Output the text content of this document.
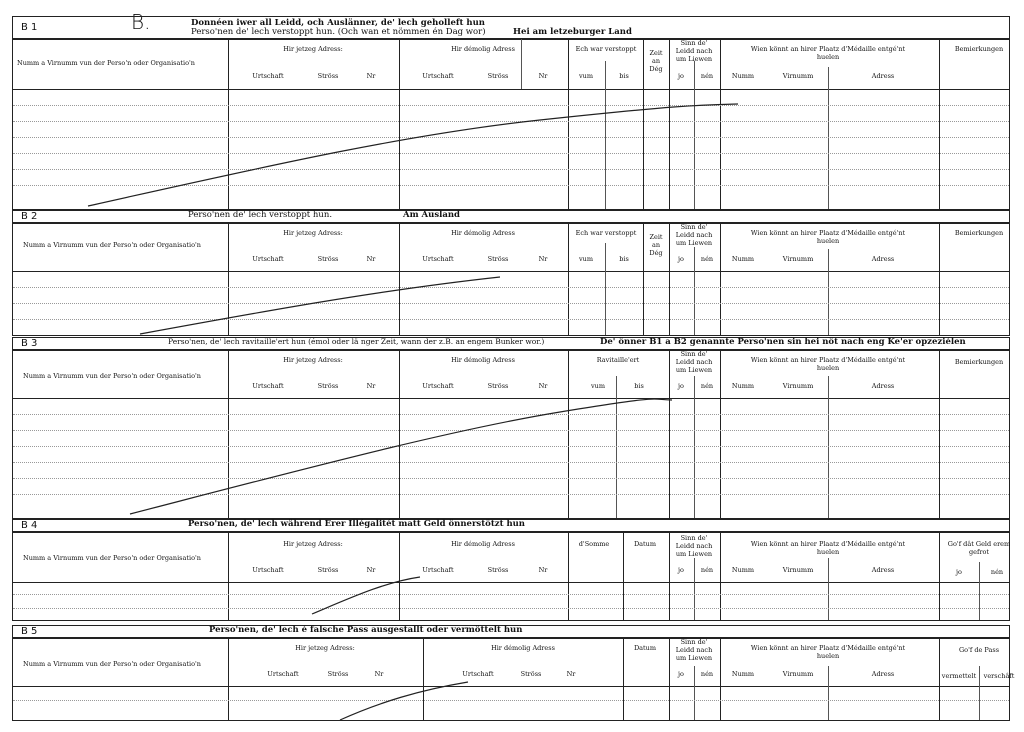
B.
B 1	Donnéen iwer all Leidd, och Auslänner, de' lech geholleft hun
Perso'nen de' lech verstoppt hun. (Och wan et nömmen én Dag wor)	Hei am letzeburger Land
Numm a Virnumm vun der Perso'n oder Organisatio'n
Hir jetzeg Adress:	Hir démolig Adress	Ech war verstoppt	Zeit an Dég
Sinn de' Leidd nach um Liewen
Wien könnt an hirer Plaatz d'Médaille entgé'nt huelen
Bemierkungen
Urtschaft	Ströss	Nr	Urtschaft	Ströss	Nr	vum	bis	jo	nén	Numm	Virnumm	Adress
B 2	Perso'nen de' lech verstoppt hun.	Am Ausland
Numm a Virnumm vun der Perso'n oder Organisatio'n
Hir jetzeg Adress:	Hir démolig Adress	Ech war verstoppt	Zeit an Dég
Sinn de' Leidd nach um Liewen
Wien könnt an hirer Plaatz d'Médaille entgé'nt huelen
Bemierkungen
Urtschaft	Ströss	Nr	Urtschaft	Ströss	Nr	vum	bis	jo	nén	Numm	Virnumm	Adress
B 3	Perso'nen, de' lech ravitaille'ert hun (émol oder lä nger Zeit, wann der z.B. an engem Bunker wor.)	De' önner B1 a B2 genannte Perso'nen sin hei nöt nach eng Ke'er opzeziélen
Numm a Virnumm vun der Perso'n oder Organisatio'n
Hir jetzeg Adress:	Hir démolig Adress	Ravitaille'ert
Sinn de' Leidd nach um Liewen
Wien könnt an hirer Plaatz d'Médaille entgé'nt huelen
Bemierkungen
Urtschaft	Ströss	Nr	Urtschaft	Ströss	Nr	vum	bis	jo	nén	Numm	Virnumm	Adress
B 4	Perso'nen, de' lech während Erer Illégalitét matt Geld önnerstötzt hun
Numm a Virnumm vun der Perso'n oder Organisatio'n
Hir jetzeg Adress:	Hir démolig Adress	d'Somme	Datum
Sinn de' Leidd nach um Liewen
Wien könnt an hirer Plaatz d'Médaille entgé'nt huelen
Go'f dât Geld erem gefrot
Urtschaft	Ströss	Nr	Urtschaft	Ströss	Nr	jo	nén	Numm	Virnumm	Adress	jo	nén
B 5	Perso'nen, de' lech é falsche Pass ausgestallt oder vermöttelt hun
Numm a Virnumm vun der Perso'n oder Organisatio'n
Hir jetzeg Adress:	Hir démolig Adress	Datum
Sinn de' Leidd nach um Liewen
Wien könnt an hirer Plaatz d'Médaille entgé'nt huelen
Go'f de Pass
Urtschaft	Ströss	Nr	Urtschaft	Ströss	Nr	jo	nén	Numm	Virnumm	Adress	vermettelt verschâft
